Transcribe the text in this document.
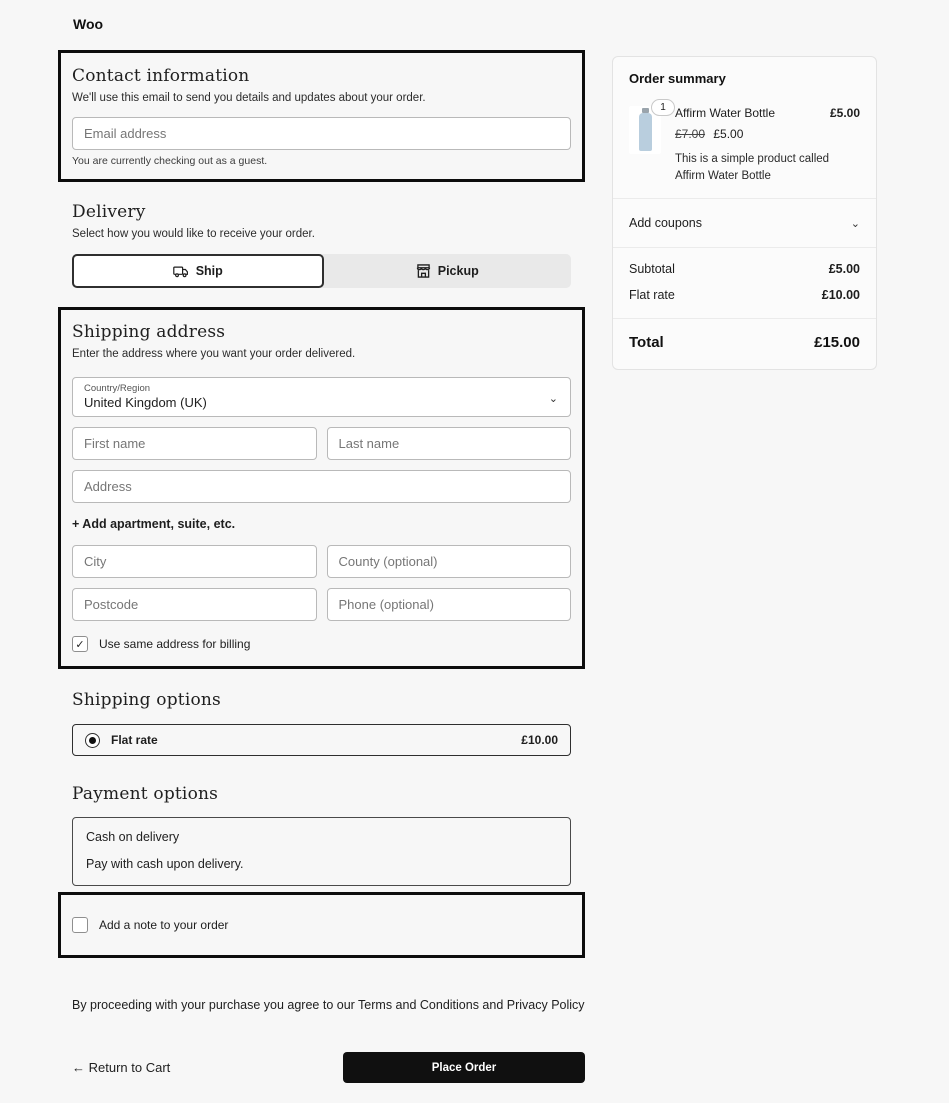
Woo
Contact information
We'll use this email to send you details and updates about your order.
Email address
You are currently checking out as a guest.
Delivery
Select how you would like to receive your order.
Ship	Pickup
Shipping address
Enter the address where you want your order delivered.
Country/Region
United Kingdom (UK)	⌄
First name
Last name
Address
+ Add apartment, suite, etc.
City
County (optional)
Postcode
Phone (optional)
✓ Use same address for billing
Shipping options
Flat rate	£10.00
Payment options
Cash on delivery
Pay with cash upon delivery.
Add a note to your order
By proceeding with your purchase you agree to our Terms and Conditions and Privacy Policy
← Return to Cart	Place Order
Order summary
1 Affirm Water Bottle	£5.00
£7.00 £5.00
This is a simple product called Affirm Water Bottle
Add coupons	⌄
Subtotal	£5.00
Flat rate	£10.00
Total	£15.00
